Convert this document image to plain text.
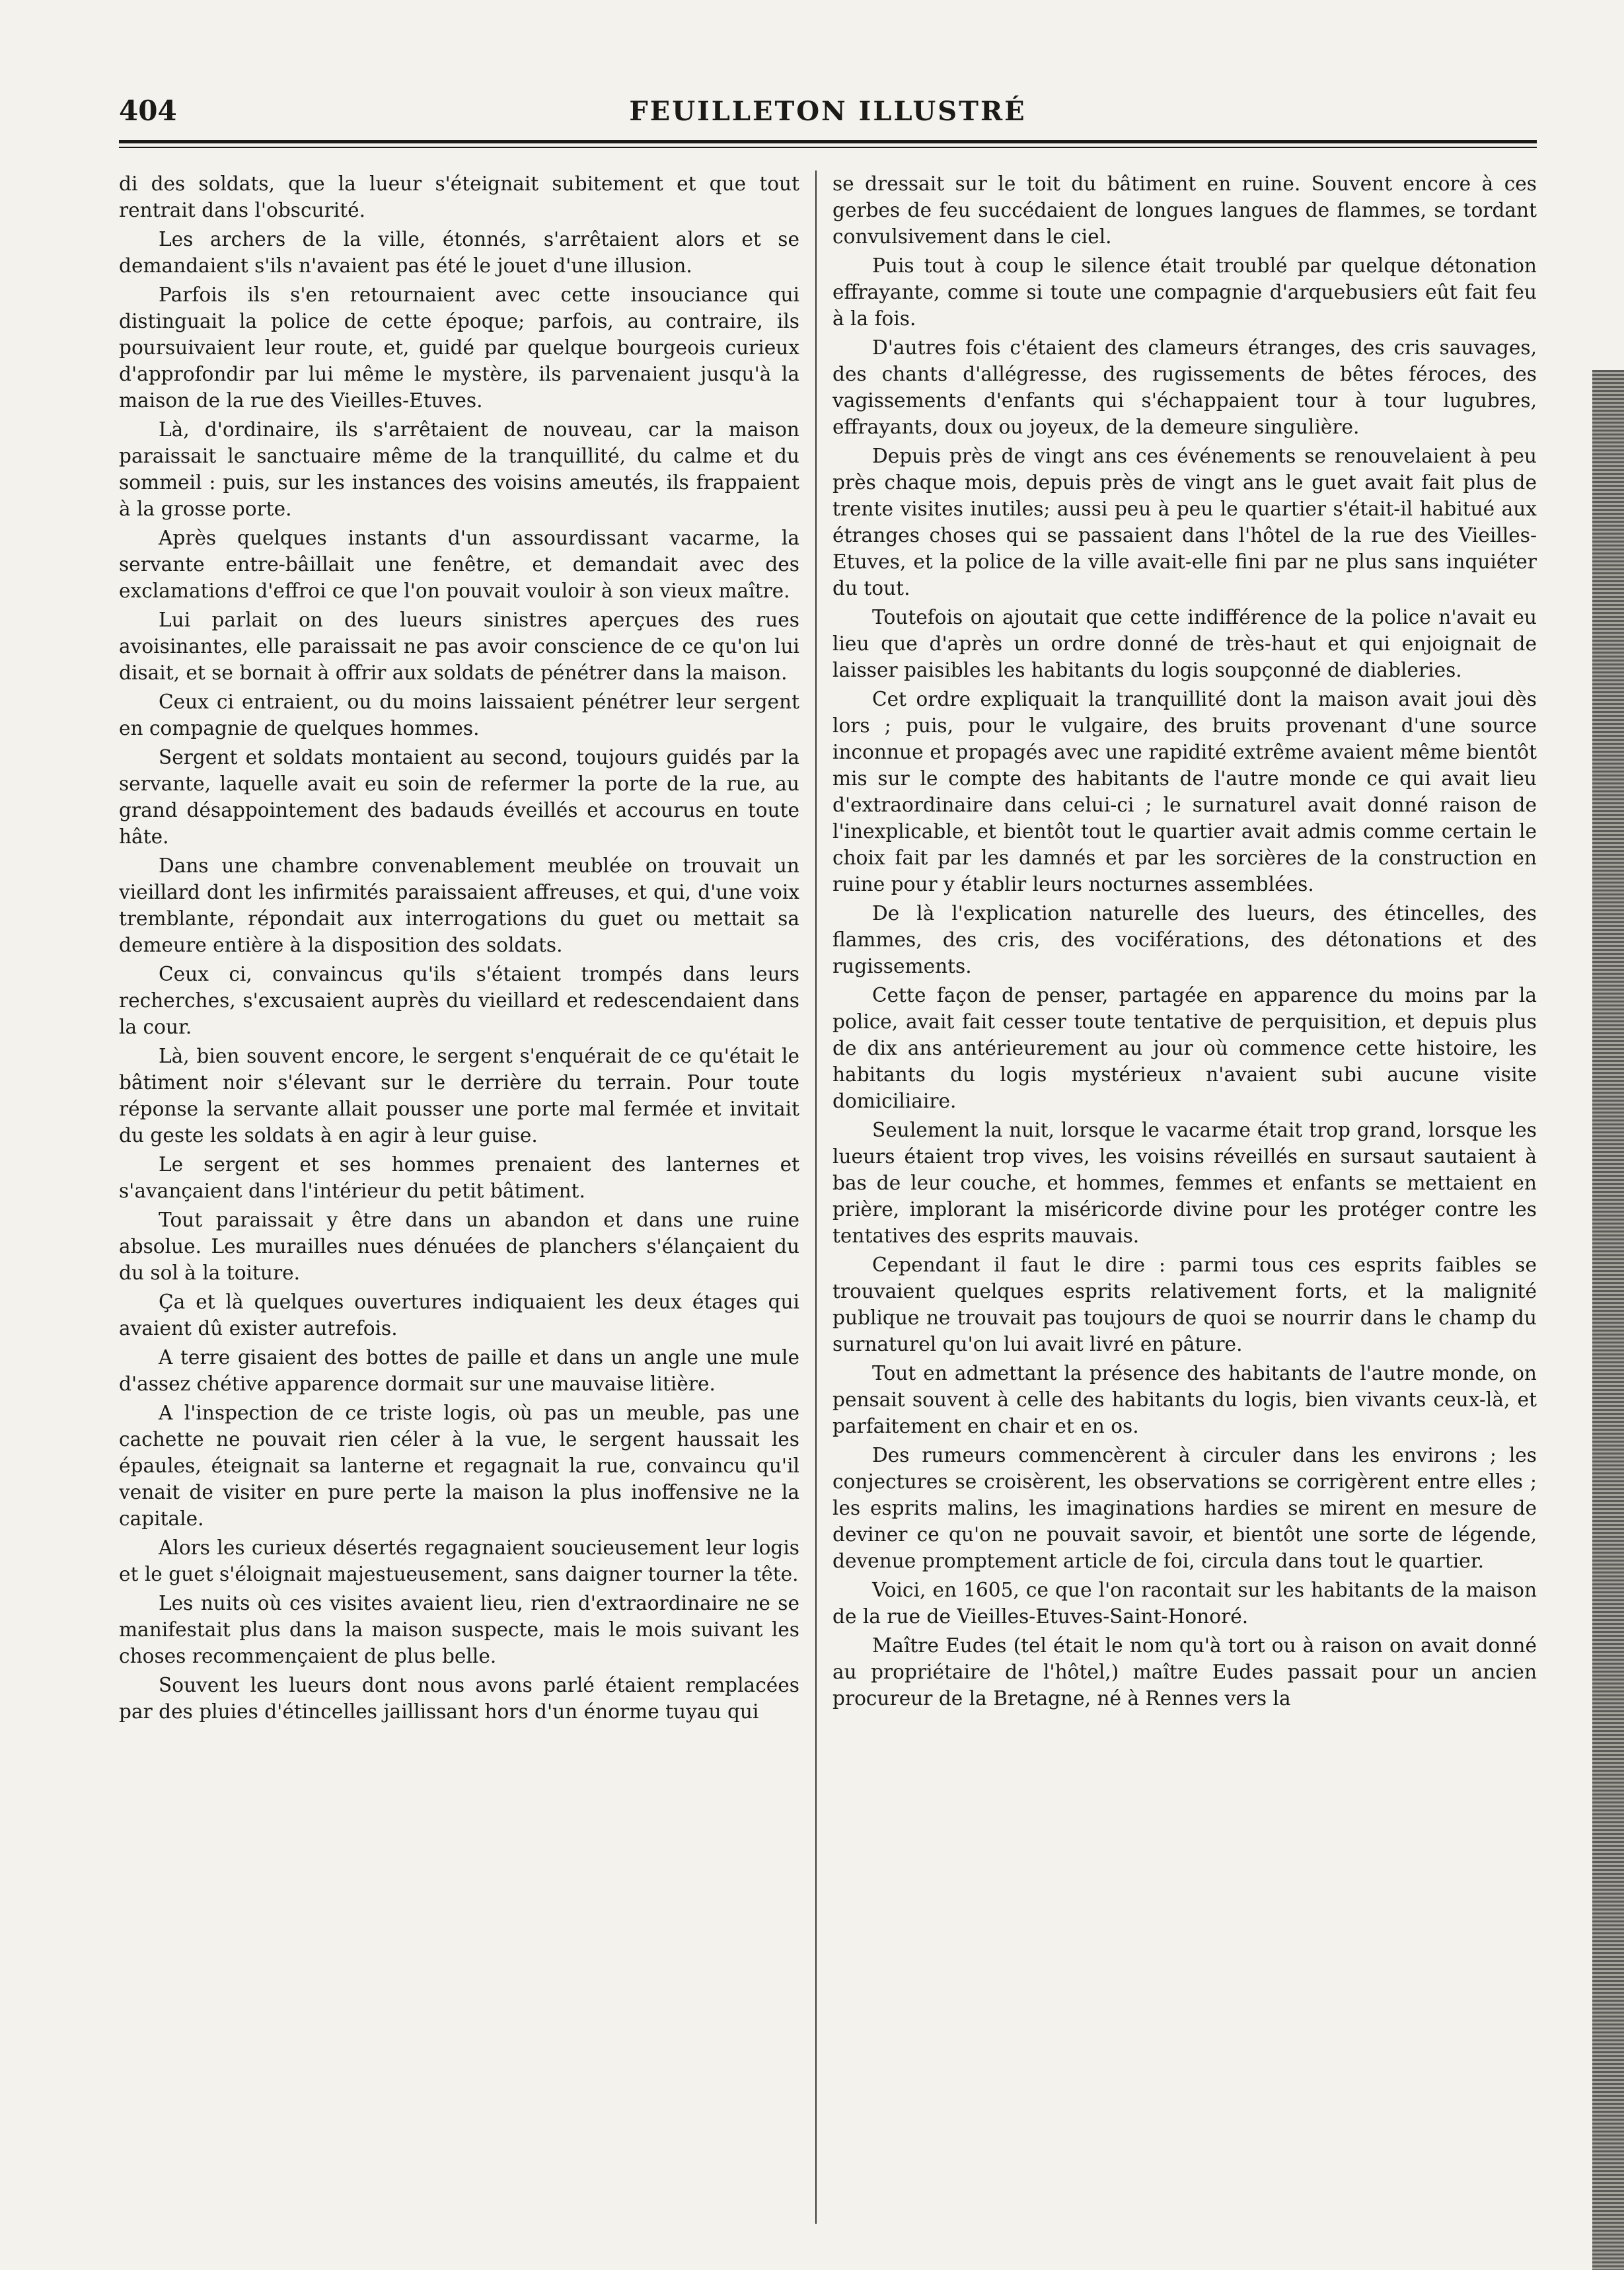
404	FEUILLETON ILLUSTRÉ

di des soldats, que la lueur s'éteignait subitement et que tout rentrait dans l'obscurité.

Les archers de la ville, étonnés, s'arrêtaient alors et se demandaient s'ils n'avaient pas été le jouet d'une illusion.

Parfois ils s'en retournaient avec cette insouciance qui distinguait la police de cette époque; parfois, au contraire, ils poursuivaient leur route, et, guidé par quelque bourgeois curieux d'approfondir par lui même le mystère, ils parvenaient jusqu'à la maison de la rue des Vieilles-Etuves.

Là, d'ordinaire, ils s'arrêtaient de nouveau, car la maison paraissait le sanctuaire même de la tranquillité, du calme et du sommeil : puis, sur les instances des voisins ameutés, ils frappaient à la grosse porte.

Après quelques instants d'un assourdissant vacarme, la servante entre-bâillait une fenêtre, et demandait avec des exclamations d'effroi ce que l'on pouvait vouloir à son vieux maître.

Lui parlait on des lueurs sinistres aperçues des rues avoisinantes, elle paraissait ne pas avoir conscience de ce qu'on lui disait, et se bornait à offrir aux soldats de pénétrer dans la maison.

Ceux ci entraient, ou du moins laissaient pénétrer leur sergent en compagnie de quelques hommes.

Sergent et soldats montaient au second, toujours guidés par la servante, laquelle avait eu soin de refermer la porte de la rue, au grand désappointement des badauds éveillés et accourus en toute hâte.

Dans une chambre convenablement meublée on trouvait un vieillard dont les infirmités paraissaient affreuses, et qui, d'une voix tremblante, répondait aux interrogations du guet ou mettait sa demeure entière à la disposition des soldats.

Ceux ci, convaincus qu'ils s'étaient trompés dans leurs recherches, s'excusaient auprès du vieillard et redescendaient dans la cour.

Là, bien souvent encore, le sergent s'enquérait de ce qu'était le bâtiment noir s'élevant sur le derrière du terrain. Pour toute réponse la servante allait pousser une porte mal fermée et invitait du geste les soldats à en agir à leur guise.

Le sergent et ses hommes prenaient des lanternes et s'avançaient dans l'intérieur du petit bâtiment.

Tout paraissait y être dans un abandon et dans une ruine absolue. Les murailles nues dénuées de planchers s'élançaient du du sol à la toiture.

Ça et là quelques ouvertures indiquaient les deux étages qui avaient dû exister autrefois.

A terre gisaient des bottes de paille et dans un angle une mule d'assez chétive apparence dormait sur une mauvaise litière.

A l'inspection de ce triste logis, où pas un meuble, pas une cachette ne pouvait rien céler à la vue, le sergent haussait les épaules, éteignait sa lanterne et regagnait la rue, convaincu qu'il venait de visiter en pure perte la maison la plus inoffensive ne la capitale.

Alors les curieux désertés regagnaient soucieusement leur logis et le guet s'éloignait majestueusement, sans daigner tourner la tête.

Les nuits où ces visites avaient lieu, rien d'extraordinaire ne se manifestait plus dans la maison suspecte, mais le mois suivant les choses recommençaient de plus belle.

Souvent les lueurs dont nous avons parlé étaient remplacées par des pluies d'étincelles jaillissant hors d'un énorme tuyau qui

se dressait sur le toit du bâtiment en ruine. Souvent encore à ces gerbes de feu succédaient de longues langues de flammes, se tordant convulsivement dans le ciel.

Puis tout à coup le silence était troublé par quelque détonation effrayante, comme si toute une compagnie d'arquebusiers eût fait feu à la fois.

D'autres fois c'étaient des clameurs étranges, des cris sauvages, des chants d'allégresse, des rugissements de bêtes féroces, des vagissements d'enfants qui s'échappaient tour à tour lugubres, effrayants, doux ou joyeux, de la demeure singulière.

Depuis près de vingt ans ces événements se renouvelaient à peu près chaque mois, depuis près de vingt ans le guet avait fait plus de trente visites inutiles; aussi peu à peu le quartier s'était-il habitué aux étranges choses qui se passaient dans l'hôtel de la rue des Vieilles-Etuves, et la police de la ville avait-elle fini par ne plus sans inquiéter du tout.

Toutefois on ajoutait que cette indifférence de la police n'avait eu lieu que d'après un ordre donné de très-haut et qui enjoignait de laisser paisibles les habitants du logis soupçonné de diableries.

Cet ordre expliquait la tranquillité dont la maison avait joui dès lors ; puis, pour le vulgaire, des bruits provenant d'une source inconnue et propagés avec une rapidité extrême avaient même bientôt mis sur le compte des habitants de l'autre monde ce qui avait lieu d'extraordinaire dans celui-ci ; le surnaturel avait donné raison de l'inexplicable, et bientôt tout le quartier avait admis comme certain le choix fait par les damnés et par les sorcières de la construction en ruine pour y établir leurs nocturnes assemblées.

De là l'explication naturelle des lueurs, des étincelles, des flammes, des cris, des vociférations, des détonations et des rugissements.

Cette façon de penser, partagée en apparence du moins par la police, avait fait cesser toute tentative de perquisition, et depuis plus de dix ans antérieurement au jour où commence cette histoire, les habitants du logis mystérieux n'avaient subi aucune visite domiciliaire.

Seulement la nuit, lorsque le vacarme était trop grand, lorsque les lueurs étaient trop vives, les voisins réveillés en sursaut sautaient à bas de leur couche, et hommes, femmes et enfants se mettaient en prière, implorant la miséricorde divine pour les protéger contre les tentatives des esprits mauvais.

Cependant il faut le dire : parmi tous ces esprits faibles se trouvaient quelques esprits relativement forts, et la malignité publique ne trouvait pas toujours de quoi se nourrir dans le champ du surnaturel qu'on lui avait livré en pâture.

Tout en admettant la présence des habitants de l'autre monde, on pensait souvent à celle des habitants du logis, bien vivants ceux-là, et parfaitement en chair et en os.

Des rumeurs commencèrent à circuler dans les environs ; les conjectures se croisèrent, les observations se corrigèrent entre elles ; les esprits malins, les imaginations hardies se mirent en mesure de deviner ce qu'on ne pouvait savoir, et bientôt une sorte de légende, devenue promptement article de foi, circula dans tout le quartier.

Voici, en 1605, ce que l'on racontait sur les habitants de la maison de la rue de Vieilles-Etuves-Saint-Honoré.

Maître Eudes (tel était le nom qu'à tort ou à raison on avait donné au propriétaire de l'hôtel,) maître Eudes passait pour un ancien procureur de la Bretagne, né à Rennes vers la
